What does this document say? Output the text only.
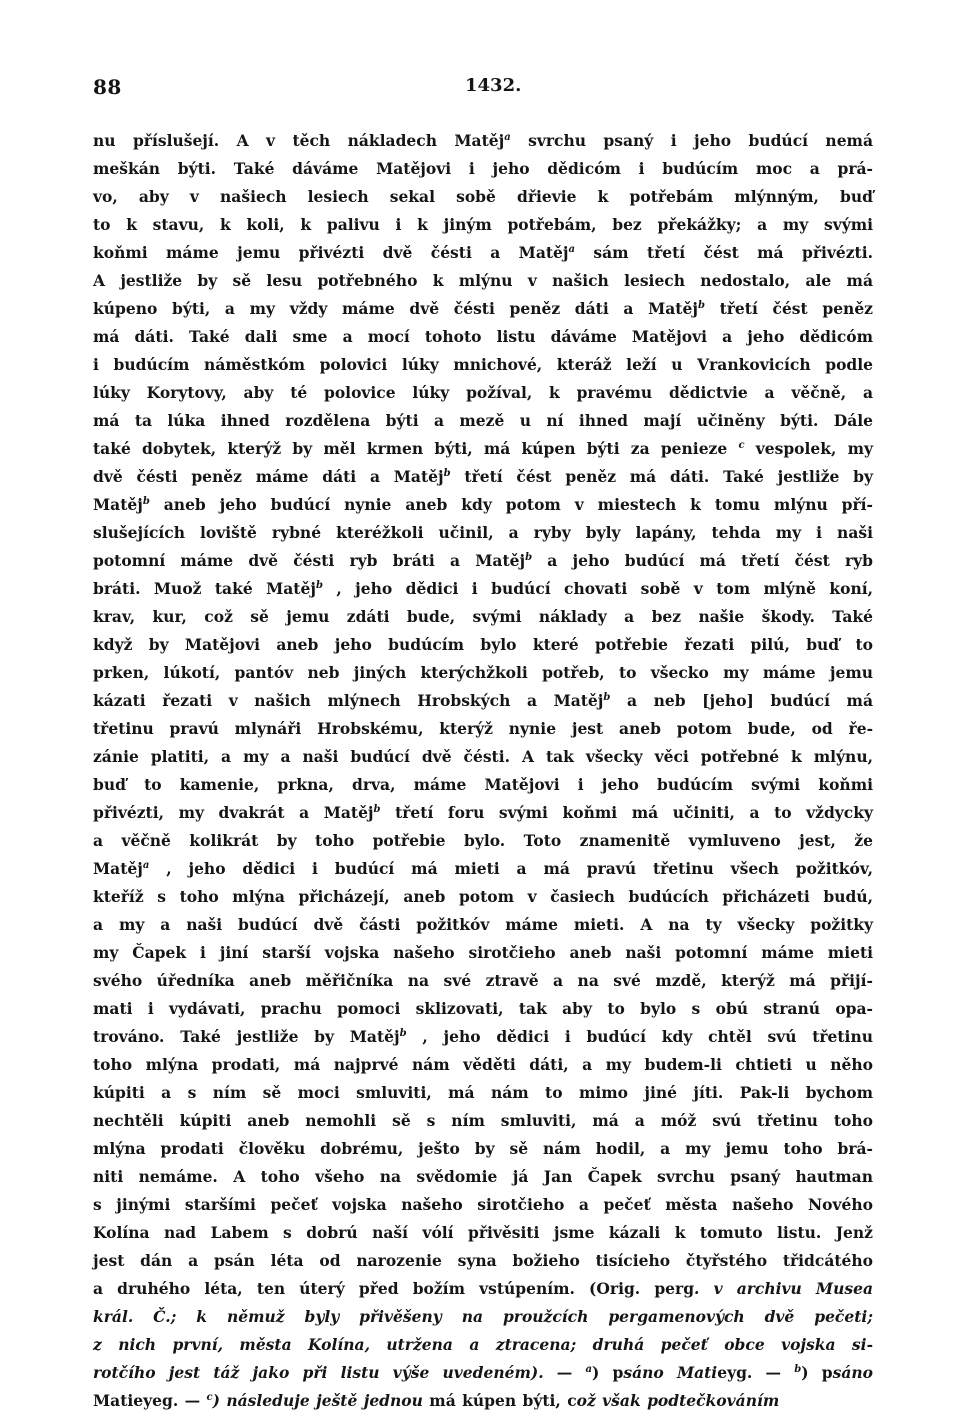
88	1432.
nu příslušejí. A v těch nákladech Matěj$^a$ svrchu psaný i jeho budúcí nemá
meškán býti. Také dáváme Matějovi i jeho dědicóm i budúcím moc a prá-
vo, aby v našiech lesiech sekal sobě dřievie k potřebám mlýnným, buď
to k stavu, k koli, k palivu i k jiným potřebám, bez překážky; a my svými
koňmi máme jemu přivézti dvě čésti a Matěj$^a$ sám třetí čést má přivézti.
A jestliže by sě lesu potřebného k mlýnu v našich lesiech nedostalo, ale má
kúpeno býti, a my vždy máme dvě čésti peněz dáti a Matěj$^b$ třetí čést peněz
má dáti. Také dali sme a mocí tohoto listu dáváme Matějovi a jeho dědicóm
i budúcím náměstkóm polovici lúky mnichové, kteráž leží u Vrankovicích podle
lúky Korytovy, aby té polovice lúky požíval, k pravému dědictvie a věčně, a
má ta lúka ihned rozdělena býti a mezě u ní ihned mají učiněny býti. Dále
také dobytek, kterýž by měl krmen býti, má kúpen býti za penieze $^c$ vespolek, my
dvě čésti peněz máme dáti a Matěj$^b$ třetí čést peněz má dáti. Také jestliže by
Matěj$^b$ aneb jeho budúcí nynie aneb kdy potom v miestech k tomu mlýnu pří-
slušejících loviště rybné kteréžkoli učinil, a ryby byly lapány, tehda my i naši
potomní máme dvě čésti ryb bráti a Matěj$^b$ a jeho budúcí má třetí čést ryb
bráti. Muož také Matěj$^b$ , jeho dědici i budúcí chovati sobě v tom mlýně koní,
krav, kur, což sě jemu zdáti bude, svými náklady a bez našie škody. Také
když by Matějovi aneb jeho budúcím bylo které potřebie řezati pilú, buď to
prken, lúkotí, pantóv neb jiných kterýchžkoli potřeb, to všecko my máme jemu
kázati řezati v našich mlýnech Hrobských a Matěj$^b$ a neb [jeho] budúcí má
třetinu pravú mlynáři Hrobskému, kterýž nynie jest aneb potom bude, od ře-
zánie platiti, a my a naši budúcí dvě čésti. A tak všecky věci potřebné k mlýnu,
buď to kamenie, prkna, drva, máme Matějovi i jeho budúcím svými koňmi
přivézti, my dvakrát a Matěj$^b$ třetí foru svými koňmi má učiniti, a to vždycky
a věčně kolikrát by toho potřebie bylo. Toto znamenitě vymluveno jest, že
Matěj$^a$ , jeho dědici i budúcí má mieti a má pravú třetinu všech požitkóv,
kteříž s toho mlýna přicházejí, aneb potom v časiech budúcích přicházeti budú,
a my a naši budúcí dvě části požitkóv máme mieti. A na ty všecky požitky
my Čapek i jiní starší vojska našeho sirotčieho aneb naši potomní máme mieti
svého úředníka aneb měřičníka na své ztravě a na své mzdě, kterýž má přijí-
mati i vydávati, prachu pomoci sklizovati, tak aby to bylo s obú stranú opa-
trováno. Také jestliže by Matěj$^b$ , jeho dědici i budúcí kdy chtěl svú třetinu
toho mlýna prodati, má najprvé nám věděti dáti, a my budem-li chtieti u něho
kúpiti a s ním sě moci smluviti, má nám to mimo jiné jíti. Pak-li bychom
nechtěli kúpiti aneb nemohli sě s ním smluviti, má a móž svú třetinu toho
mlýna prodati člověku dobrému, ješto by sě nám hodil, a my jemu toho brá-
niti nemáme. A toho všeho na svědomie já Jan Čapek svrchu psaný hautman
s jinými staršími pečeť vojska našeho sirotčieho a pečeť města našeho Nového
Kolína nad Labem s dobrú naší vólí přivěsiti jsme kázali k tomuto listu. Jenž
jest dán a psán léta od narozenie syna božieho tisícieho čtyřstého třidcátého
a druhého léta, ten úterý před božím vstúpením. (Orig. perg. v archivu Musea
král. Č.; k němuž byly přivěšeny na proužcích pergamenových dvě pečeti;
z nich první, města Kolína, utržena a ztracena; druhá pečeť obce vojska si-
rotčího jest táž jako při listu výše uvedeném). — $^a$) psáno Matieyg. — $^b$) psáno
Matieyeg. — $^c$) následuje ještě jednou má kúpen býti, což však podtečkováním
